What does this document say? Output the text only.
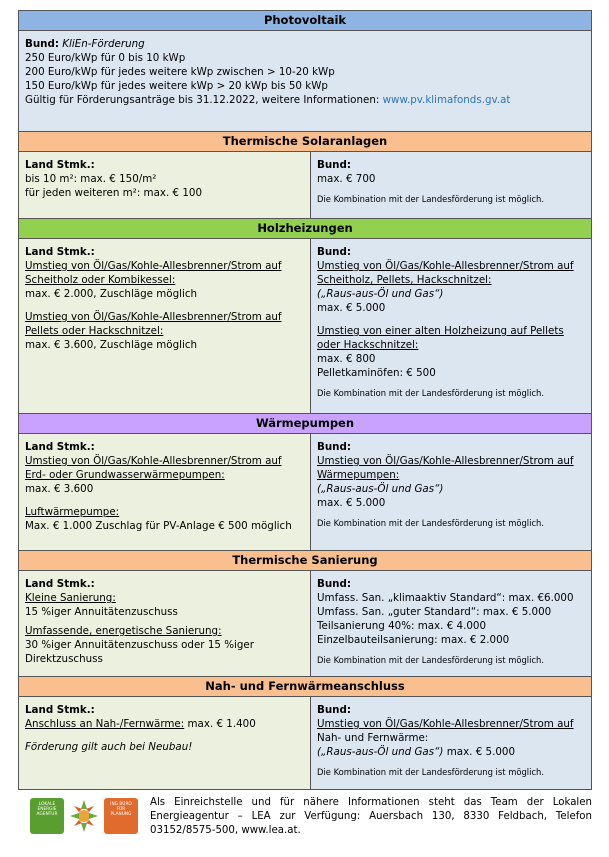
Photovoltaik
Bund: KliEn-Förderung
250 Euro/kWp für 0 bis 10 kWp
200 Euro/kWp für jedes weitere kWp zwischen > 10-20 kWp
150 Euro/kWp für jedes weitere kWp > 20 kWp bis 50 kWp
Gültig für Förderungsanträge bis 31.12.2022, weitere Informationen: www.pv.klimafonds.gv.at
Thermische Solaranlagen
Land Stmk.:
bis 10 m²: max. € 150/m²
für jeden weiteren m²: max. € 100
Bund:
max. € 700
Die Kombination mit der Landesförderung ist möglich.
Holzheizungen
Land Stmk.:
Umstieg von Öl/Gas/Kohle-Allesbrenner/Strom auf Scheitholz oder Kombikessel:
max. € 2.000, Zuschläge möglich
Umstieg von Öl/Gas/Kohle-Allesbrenner/Strom auf Pellets oder Hackschnitzel:
max. € 3.600, Zuschläge möglich
Bund:
Umstieg von Öl/Gas/Kohle-Allesbrenner/Strom auf Scheitholz, Pellets, Hackschnitzel:
(„Raus-aus-Öl und Gas“)
max. € 5.000
Umstieg von einer alten Holzheizung auf Pellets oder Hackschnitzel:
max. € 800
Pelletkaminöfen: € 500
Die Kombination mit der Landesförderung ist möglich.
Wärmepumpen
Land Stmk.:
Umstieg von Öl/Gas/Kohle-Allesbrenner/Strom auf Erd- oder Grundwasserwärmepumpen:
max. € 3.600
Luftwärmepumpe:
Max. € 1.000 Zuschlag für PV-Anlage € 500 möglich
Bund:
Umstieg von Öl/Gas/Kohle-Allesbrenner/Strom auf Wärmepumpen:
(„Raus-aus-Öl und Gas“)
max. € 5.000
Die Kombination mit der Landesförderung ist möglich.
Thermische Sanierung
Land Stmk.:
Kleine Sanierung:
15 %iger Annuitätenzuschuss
Umfassende, energetische Sanierung:
30 %iger Annuitätenzuschuss oder 15 %iger Direktzuschuss
Bund:
Umfass. San. „klimaaktiv Standard“: max. €6.000
Umfass. San. „guter Standard“: max. € 5.000
Teilsanierung 40%: max. € 4.000
Einzelbauteilsanierung: max. € 2.000
Die Kombination mit der Landesförderung ist möglich.
Nah- und Fernwärmeanschluss
Land Stmk.:
Anschluss an Nah-/Fernwärme: max. € 1.400
Förderung gilt auch bei Neubau!
Bund:
Umstieg von Öl/Gas/Kohle-Allesbrenner/Strom auf
Nah- und Fernwärme:
(„Raus-aus-Öl und Gas“) max. € 5.000
Die Kombination mit der Landesförderung ist möglich.
LOKALE ENERGIE AGENTUR
ING BÜRO FÜR PLANUNG
Als Einreichstelle und für nähere Informationen steht das Team der Lokalen Energieagentur – LEA zur Verfügung: Auersbach 130, 8330 Feldbach, Telefon 03152/8575-500, www.lea.at.
